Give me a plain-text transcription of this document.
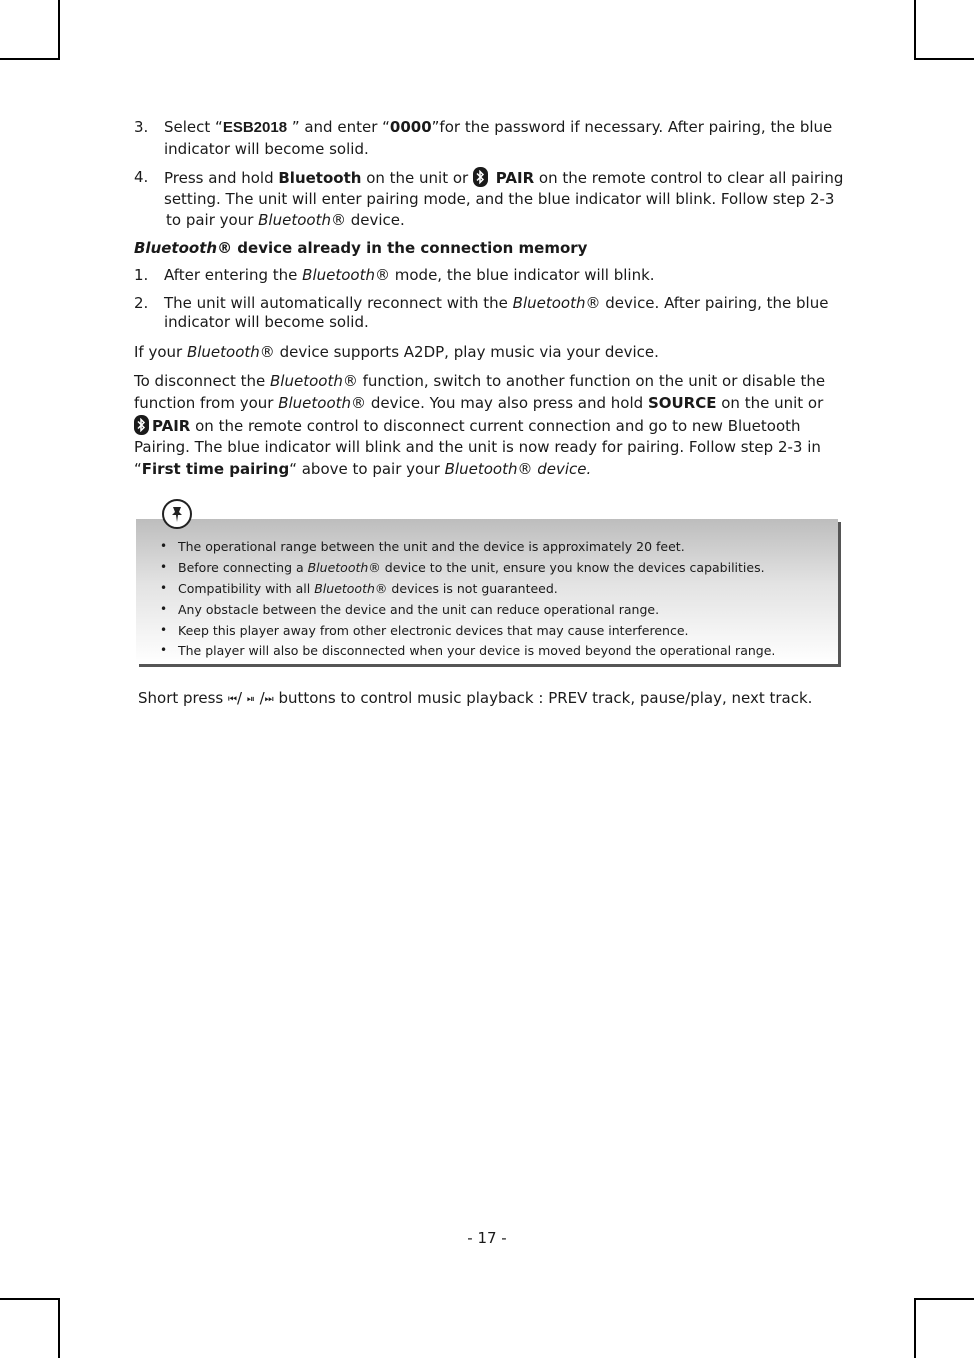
3. Select “ESB2018 ” and enter “0000”for the password if necessary. After pairing, the blue
indicator will become solid.
4. Press and hold Bluetooth on the unit or
PAIR on the remote control to clear all pairing
setting. The unit will enter pairing mode, and the blue indicator will blink. Follow step 2-3
to pair your Bluetooth® device.
Bluetooth® device already in the connection memory
1. After entering the Bluetooth® mode, the blue indicator will blink.
2. The unit will automatically reconnect with the Bluetooth® device. After pairing, the blue
indicator will become solid.
If your Bluetooth® device supports A2DP, play music via your device.
To disconnect the Bluetooth® function, switch to another function on the unit or disable the
function from your Bluetooth® device. You may also press and hold SOURCE on the unit or
PAIR on the remote control to disconnect current connection and go to new Bluetooth
Pairing. The blue indicator will blink and the unit is now ready for pairing. Follow step 2-3 in
“First time pairing“ above to pair your Bluetooth® device.
• The operational range between the unit and the device is approximately 20 feet.
• Before connecting a Bluetooth® device to the unit, ensure you know the devices capabilities.
• Compatibility with all Bluetooth® devices is not guaranteed.
• Any obstacle between the device and the unit can reduce operational range.
• Keep this player away from other electronic devices that may cause interference.
• The player will also be disconnected when your device is moved beyond the operational range.
Short press ⏮/ ⏯ /⏭ buttons to control music playback : PREV track, pause/play, next track.
- 17 -
